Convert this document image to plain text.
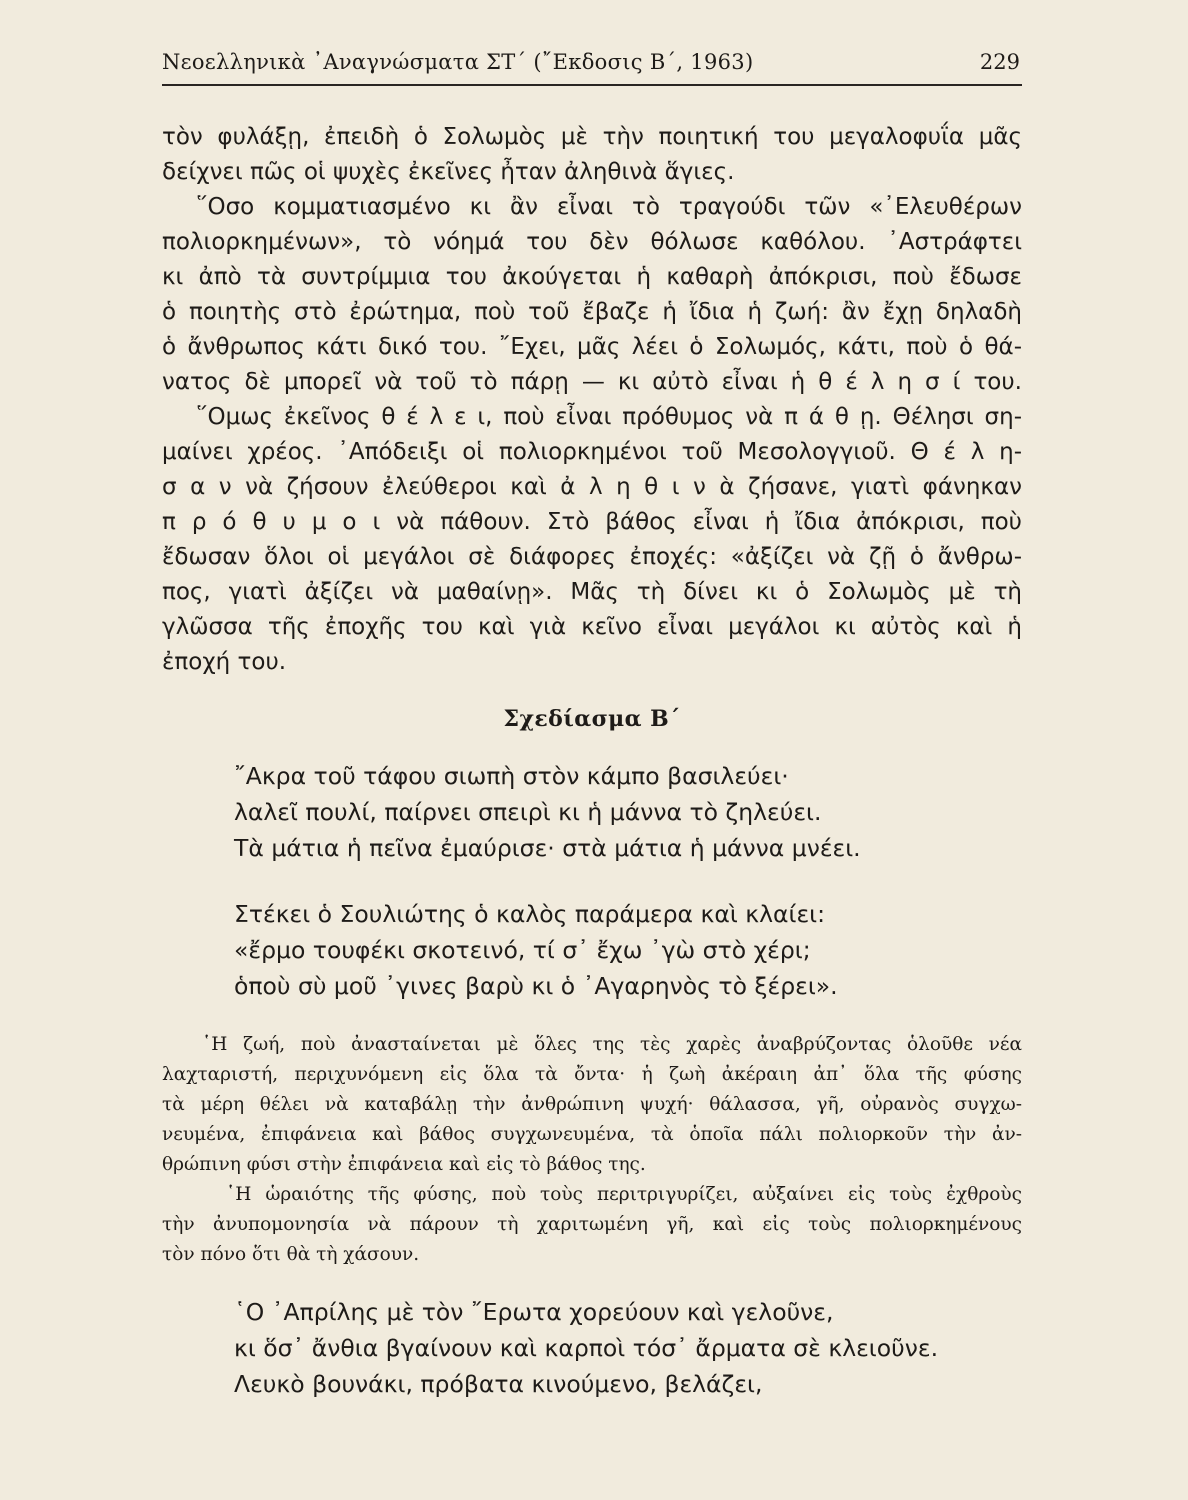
Νεοελληνικὰ ᾿Αναγνώσματα ΣΤ΄ (῎Εκδοσις Β΄, 1963)	229
τὸν φυλάξῃ, ἐπειδὴ ὁ Σολωμὸς μὲ τὴν ποιητική του μεγαλοφυΐα μᾶς
δείχνει πῶς οἱ ψυχὲς ἐκεῖνες ἦταν ἀληθινὰ ἅγιες.
῞Οσο κομματιασμένο κι ἂν εἶναι τὸ τραγούδι τῶν «᾿Ελευθέρων
πολιορκημένων», τὸ νόημά του δὲν θόλωσε καθόλου. ᾿Αστράφτει
κι ἀπὸ τὰ συντρίμμια του ἀκούγεται ἡ καθαρὴ ἀπόκρισι, ποὺ ἔδωσε
ὁ ποιητὴς στὸ ἐρώτημα, ποὺ τοῦ ἔβαζε ἡ ἴδια ἡ ζωή: ἂν ἔχῃ δηλαδὴ
ὁ ἄνθρωπος κάτι δικό του. ῎Εχει, μᾶς λέει ὁ Σολωμός, κάτι, ποὺ ὁ θά-
νατος δὲ μπορεῖ νὰ τοῦ τὸ πάρῃ — κι αὐτὸ εἶναι ἡ θ έ λ η σ ί του.
῞Ομως ἐκεῖνος θ έ λ ε ι, ποὺ εἶναι πρόθυμος νὰ π ά θ ῃ. Θέλησι ση-
μαίνει χρέος. ᾿Απόδειξι οἱ πολιορκημένοι τοῦ Μεσολογγιοῦ. Θ έ λ η-
σ α ν νὰ ζήσουν ἐλεύθεροι καὶ ἀ λ η θ ι ν ὰ ζήσανε, γιατὶ φάνηκαν
π ρ ό θ υ μ ο ι νὰ πάθουν. Στὸ βάθος εἶναι ἡ ἴδια ἀπόκρισι, ποὺ
ἔδωσαν ὅλοι οἱ μεγάλοι σὲ διάφορες ἐποχές: «ἀξίζει νὰ ζῇ ὁ ἄνθρω-
πος, γιατὶ ἀξίζει νὰ μαθαίνῃ». Μᾶς τὴ δίνει κι ὁ Σολωμὸς μὲ τὴ
γλῶσσα τῆς ἐποχῆς του καὶ γιὰ κεῖνο εἶναι μεγάλοι κι αὐτὸς καὶ ἡ
ἐποχή του.
Σχεδίασμα Β΄
῎Ακρα τοῦ τάφου σιωπὴ στὸν κάμπο βασιλεύει·
λαλεῖ πουλί, παίρνει σπειρὶ κι ἡ μάννα τὸ ζηλεύει.
Τὰ μάτια ἡ πεῖνα ἐμαύρισε· στὰ μάτια ἡ μάννα μνέει.
Στέκει ὁ Σουλιώτης ὁ καλὸς παράμερα καὶ κλαίει:
«ἔρμο τουφέκι σκοτεινό, τί σ᾿ ἔχω ᾿γὼ στὸ χέρι;
ὁποὺ σὺ μοῦ ᾿γινες βαρὺ κι ὁ ᾿Αγαρηνὸς τὸ ξέρει».
῾Η ζωή, ποὺ ἀνασταίνεται μὲ ὅλες της τὲς χαρὲς ἀναβρύζοντας ὁλοῦθε νέα
λαχταριστή, περιχυνόμενη εἰς ὅλα τὰ ὄντα· ἡ ζωὴ ἀκέραιη ἀπ᾿ ὅλα τῆς φύσης
τὰ μέρη θέλει νὰ καταβάλῃ τὴν ἀνθρώπινη ψυχή· θάλασσα, γῆ, οὐρανὸς συγχω-
νευμένα, ἐπιφάνεια καὶ βάθος συγχωνευμένα, τὰ ὁποῖα πάλι πολιορκοῦν τὴν ἀν-
θρώπινη φύσι στὴν ἐπιφάνεια καὶ εἰς τὸ βάθος της.
῾Η ὡραιότης τῆς φύσης, ποὺ τοὺς περιτριγυρίζει, αὐξαίνει εἰς τοὺς ἐχθροὺς
τὴν ἀνυπομονησία νὰ πάρουν τὴ χαριτωμένη γῆ, καὶ εἰς τοὺς πολιορκημένους
τὸν πόνο ὅτι θὰ τὴ χάσουν.
῾Ο ᾿Απρίλης μὲ τὸν ῎Ερωτα χορεύουν καὶ γελοῦνε,
κι ὅσ᾿ ἄνθια βγαίνουν καὶ καρποὶ τόσ᾿ ἄρματα σὲ κλειοῦνε.
Λευκὸ βουνάκι, πρόβατα κινούμενο, βελάζει,
